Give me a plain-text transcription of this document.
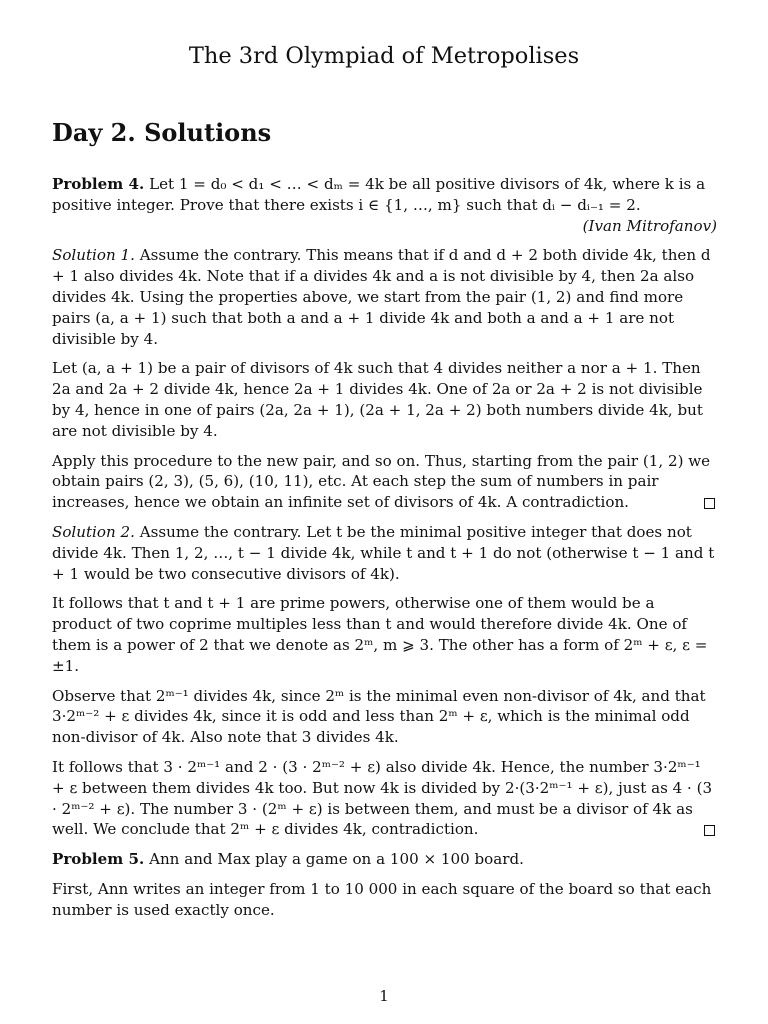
The 3rd Olympiad of Metropolises
Day 2. Solutions
Problem 4. Let 1 = d₀ < d₁ < … < dₘ = 4k be all positive divisors of 4k, where k is a positive integer. Prove that there exists i ∈ {1, …, m} such that dᵢ − dᵢ₋₁ = 2.
(Ivan Mitrofanov)
Solution 1. Assume the contrary. This means that if d and d + 2 both divide 4k, then d + 1 also divides 4k. Note that if a divides 4k and a is not divisible by 4, then 2a also divides 4k. Using the properties above, we start from the pair (1, 2) and find more pairs (a, a + 1) such that both a and a + 1 divide 4k and both a and a + 1 are not divisible by 4.
Let (a, a + 1) be a pair of divisors of 4k such that 4 divides neither a nor a + 1. Then 2a and 2a + 2 divide 4k, hence 2a + 1 divides 4k. One of 2a or 2a + 2 is not divisible by 4, hence in one of pairs (2a, 2a + 1), (2a + 1, 2a + 2) both numbers divide 4k, but are not divisible by 4.
Apply this procedure to the new pair, and so on. Thus, starting from the pair (1, 2) we obtain pairs (2, 3), (5, 6), (10, 11), etc. At each step the sum of numbers in pair increases, hence we obtain an infinite set of divisors of 4k. A contradiction.
Solution 2. Assume the contrary. Let t be the minimal positive integer that does not divide 4k. Then 1, 2, …, t − 1 divide 4k, while t and t + 1 do not (otherwise t − 1 and t + 1 would be two consecutive divisors of 4k).
It follows that t and t + 1 are prime powers, otherwise one of them would be a product of two coprime multiples less than t and would therefore divide 4k. One of them is a power of 2 that we denote as 2ᵐ, m ⩾ 3. The other has a form of 2ᵐ + ε, ε = ±1.
Observe that 2ᵐ⁻¹ divides 4k, since 2ᵐ is the minimal even non-divisor of 4k, and that 3·2ᵐ⁻² + ε divides 4k, since it is odd and less than 2ᵐ + ε, which is the minimal odd non-divisor of 4k. Also note that 3 divides 4k.
It follows that 3 · 2ᵐ⁻¹ and 2 · (3 · 2ᵐ⁻² + ε) also divide 4k. Hence, the number 3·2ᵐ⁻¹ + ε between them divides 4k too. But now 4k is divided by 2·(3·2ᵐ⁻¹ + ε), just as 4 · (3 · 2ᵐ⁻² + ε). The number 3 · (2ᵐ + ε) is between them, and must be a divisor of 4k as well. We conclude that 2ᵐ + ε divides 4k, contradiction.
Problem 5. Ann and Max play a game on a 100 × 100 board.
First, Ann writes an integer from 1 to 10 000 in each square of the board so that each number is used exactly once.

1
